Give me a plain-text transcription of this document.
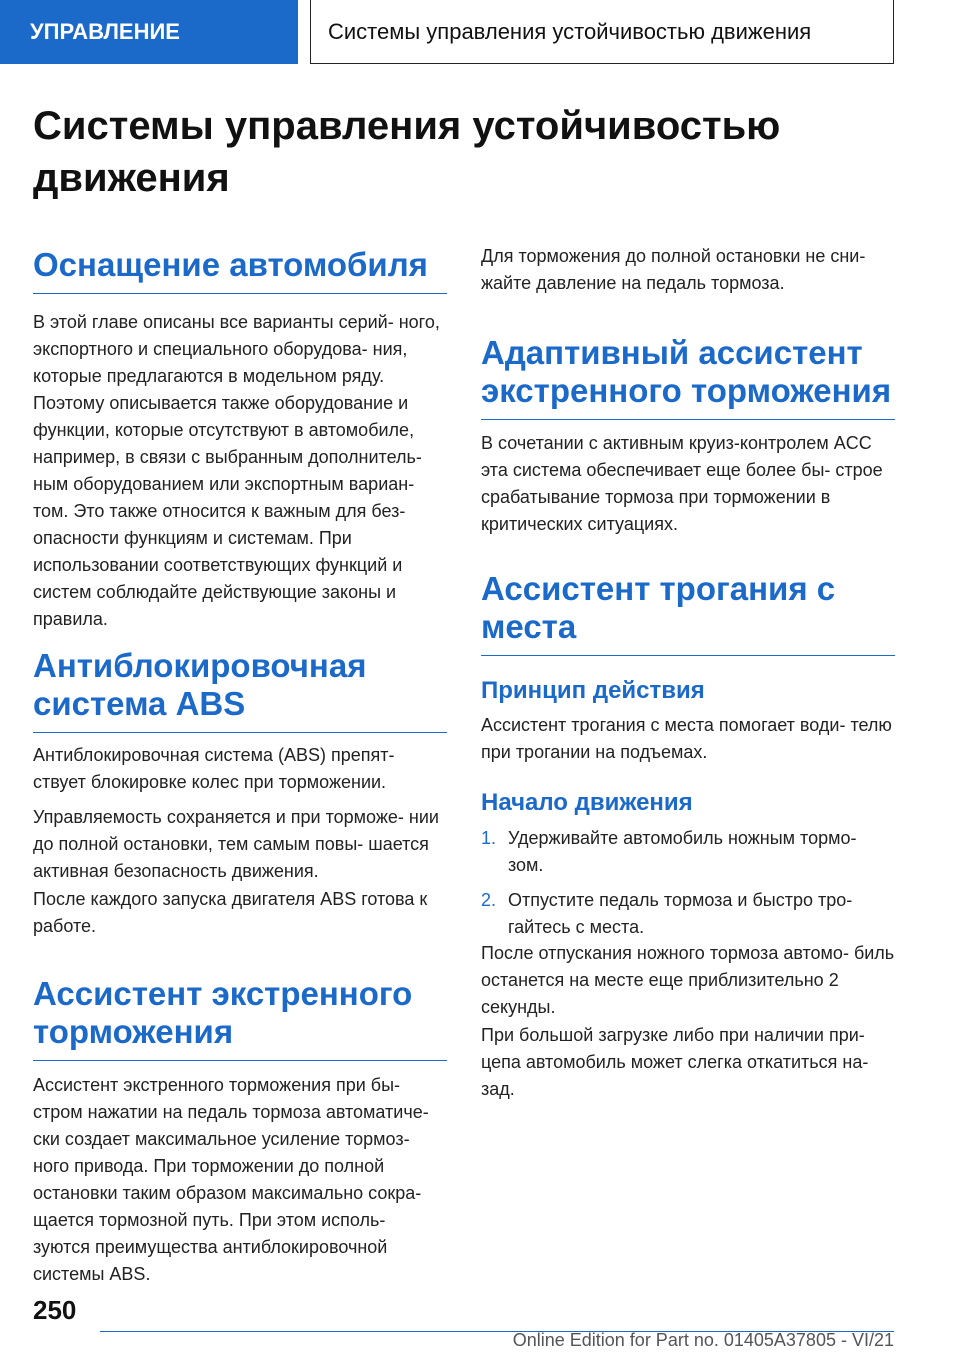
УПРАВЛЕНИЕ	Системы управления устойчивостью движения
Системы управления устойчивостью движения
Оснащение автомобиля

В этой главе описаны все варианты серий- ного, экспортного и специального оборудова- ния, которые предлагаются в модельном ряду. Поэтому описывается также оборудование и функции, которые отсутствуют в автомобиле, например, в связи с выбранным дополнитель- ным оборудованием или экспортным вариан- том. Это также относится к важным для без- опасности функциям и системам. При использовании соответствующих функций и систем соблюдайте действующие законы и правила.

Антиблокировочная система ABS

Антиблокировочная система (ABS) препят- ствует блокировке колес при торможении.

Управляемость сохраняется и при торможе- нии до полной остановки, тем самым повы- шается активная безопасность движения.

После каждого запуска двигателя ABS готова к работе.

Ассистент экстренного торможения

Ассистент экстренного торможения при бы- стром нажатии на педаль тормоза автоматиче- ски создает максимальное усиление тормоз- ного привода. При торможении до полной остановки таким образом максимально сокра- щается тормозной путь. При этом исполь- зуются преимущества антиблокировочной системы ABS.

Для торможения до полной остановки не сни- жайте давление на педаль тормоза.

Адаптивный ассистент экстренного торможения

В сочетании с активным круиз-контролем ACC эта система обеспечивает еще более бы- строе срабатывание тормоза при торможении в критических ситуациях.

Ассистент трогания с места
Принцип действия

Ассистент трогания с места помогает води- телю при трогании на подъемах.

Начало движения
1. Удерживайте автомобиль ножным тормо- зом.
2. Отпустите педаль тормоза и быстро тро- гайтесь с места.

После отпускания ножного тормоза автомо- биль останется на месте еще приблизительно 2 секунды.

При большой загрузке либо при наличии при- цепа автомобиль может слегка откатиться на- зад.

250
Online Edition for Part no. 01405A37805 - VI/21
